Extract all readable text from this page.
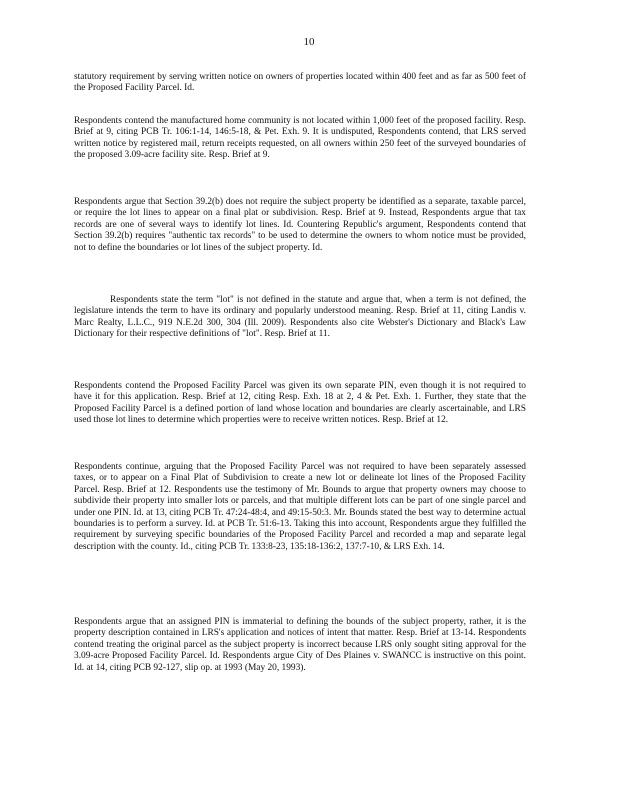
10

statutory requirement by serving written notice on owners of properties located within 400 feet and as far as 500 feet of the Proposed Facility Parcel. Id.

Respondents contend the manufactured home community is not located within 1,000 feet of the proposed facility. Resp. Brief at 9, citing PCB Tr. 106:1-14, 146:5-18, & Pet. Exh. 9. It is undisputed, Respondents contend, that LRS served written notice by registered mail, return receipts requested, on all owners within 250 feet of the surveyed boundaries of the proposed 3.09-acre facility site. Resp. Brief at 9.

Respondents argue that Section 39.2(b) does not require the subject property be identified as a separate, taxable parcel, or require the lot lines to appear on a final plat or subdivision. Resp. Brief at 9. Instead, Respondents argue that tax records are one of several ways to identify lot lines. Id. Countering Republic's argument, Respondents contend that Section 39.2(b) requires "authentic tax records" to be used to determine the owners to whom notice must be provided, not to define the boundaries or lot lines of the subject property. Id.

Respondents state the term "lot" is not defined in the statute and argue that, when a term is not defined, the legislature intends the term to have its ordinary and popularly understood meaning. Resp. Brief at 11, citing Landis v. Marc Realty, L.L.C., 919 N.E.2d 300, 304 (Ill. 2009). Respondents also cite Webster's Dictionary and Black's Law Dictionary for their respective definitions of "lot". Resp. Brief at 11.

Respondents contend the Proposed Facility Parcel was given its own separate PIN, even though it is not required to have it for this application. Resp. Brief at 12, citing Resp. Exh. 18 at 2, 4 & Pet. Exh. 1. Further, they state that the Proposed Facility Parcel is a defined portion of land whose location and boundaries are clearly ascertainable, and LRS used those lot lines to determine which properties were to receive written notices. Resp. Brief at 12.

Respondents continue, arguing that the Proposed Facility Parcel was not required to have been separately assessed taxes, or to appear on a Final Plat of Subdivision to create a new lot or delineate lot lines of the Proposed Facility Parcel. Resp. Brief at 12. Respondents use the testimony of Mr. Bounds to argue that property owners may choose to subdivide their property into smaller lots or parcels, and that multiple different lots can be part of one single parcel and under one PIN. Id. at 13, citing PCB Tr. 47:24-48:4, and 49:15-50:3. Mr. Bounds stated the best way to determine actual boundaries is to perform a survey. Id. at PCB Tr. 51:6-13. Taking this into account, Respondents argue they fulfilled the requirement by surveying specific boundaries of the Proposed Facility Parcel and recorded a map and separate legal description with the county. Id., citing PCB Tr. 133:8-23, 135:18-136:2, 137:7-10, & LRS Exh. 14.

Respondents argue that an assigned PIN is immaterial to defining the bounds of the subject property, rather, it is the property description contained in LRS's application and notices of intent that matter. Resp. Brief at 13-14. Respondents contend treating the original parcel as the subject property is incorrect because LRS only sought siting approval for the 3.09-acre Proposed Facility Parcel. Id. Respondents argue City of Des Plaines v. SWANCC is instructive on this point. Id. at 14, citing PCB 92-127, slip op. at 1993 (May 20, 1993).
